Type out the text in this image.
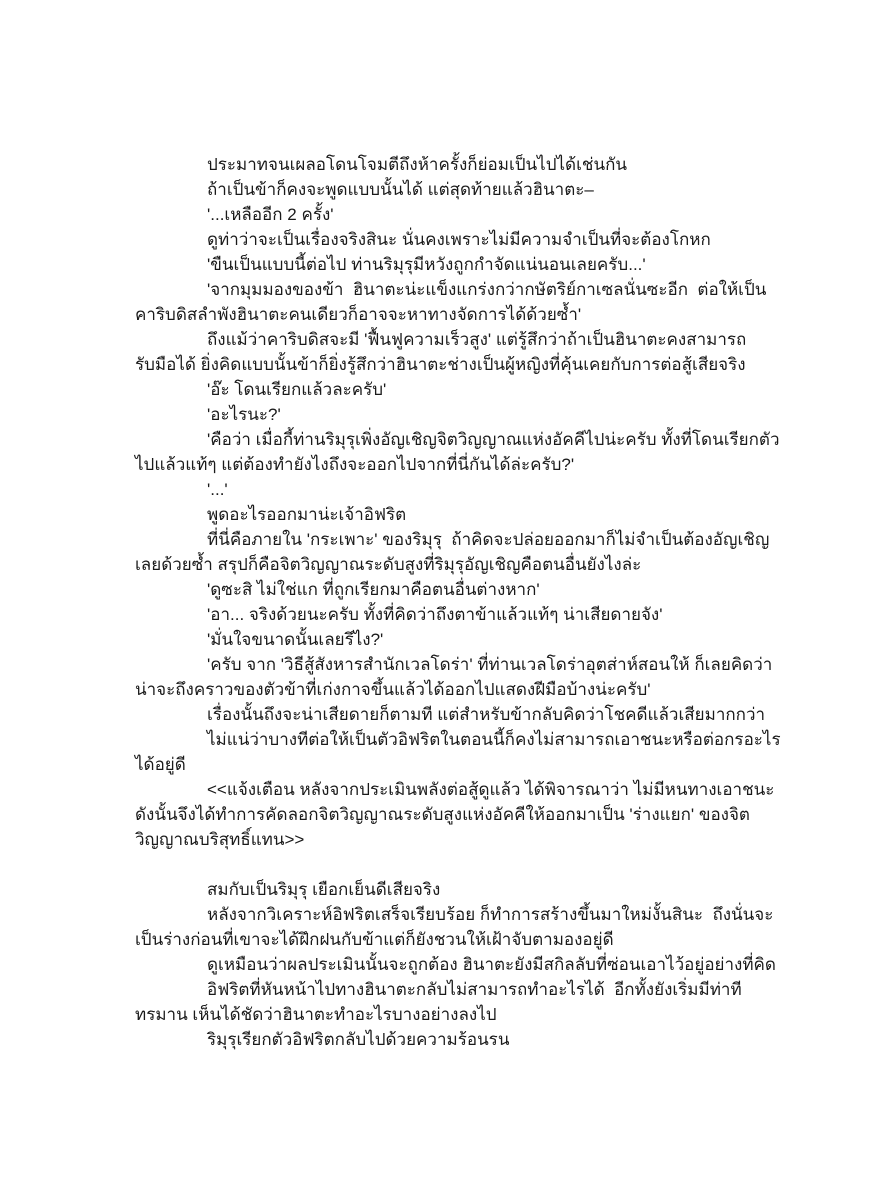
ประมาทจนเผลอโดนโจมตีถึงห้าครั้งก็ย่อมเป็นไปได้เช่นกัน

ถ้าเป็นข้าก็คงจะพูดแบบนั้นได้ แต่สุดท้ายแล้วฮินาตะ–

'...เหลืออีก 2 ครั้ง'

ดูท่าว่าจะเป็นเรื่องจริงสินะ นั่นคงเพราะไม่มีความจำเป็นที่จะต้องโกหก

'ขืนเป็นแบบนี้ต่อไป ท่านริมุรุมีหวังถูกกำจัดแน่นอนเลยครับ...'

'จากมุมมองของข้า  ฮินาตะน่ะแข็งแกร่งกว่ากษัตริย์กาเซลนั่นซะอีก  ต่อให้เป็นคาริบดิสลำพังฮินาตะคนเดียวก็อาจจะหาทางจัดการได้ด้วยซ้ำ'

ถึงแม้ว่าคาริบดิสจะมี 'ฟื้นฟูความเร็วสูง' แต่รู้สึกว่าถ้าเป็นฮินาตะคงสามารถรับมือได้ ยิ่งคิดแบบนั้นข้าก็ยิ่งรู้สึกว่าฮินาตะช่างเป็นผู้หญิงที่คุ้นเคยกับการต่อสู้เสียจริง

'อ๊ะ โดนเรียกแล้วละครับ'

'อะไรนะ?'

'คือว่า เมื่อกี้ท่านริมุรุเพิ่งอัญเชิญจิตวิญญาณแห่งอัคคีไปน่ะครับ ทั้งที่โดนเรียกตัวไปแล้วแท้ๆ แต่ต้องทำยังไงถึงจะออกไปจากที่นี่กันได้ล่ะครับ?'

'...'

พูดอะไรออกมาน่ะเจ้าอิฟริต

ที่นี่คือภายใน 'กระเพาะ' ของริมุรุ  ถ้าคิดจะปล่อยออกมาก็ไม่จำเป็นต้องอัญเชิญเลยด้วยซ้ำ สรุปก็คือจิตวิญญาณระดับสูงที่ริมุรุอัญเชิญคือตนอื่นยังไงล่ะ

'ดูซะสิ ไม่ใช่แก ที่ถูกเรียกมาคือตนอื่นต่างหาก'

'อา... จริงด้วยนะครับ ทั้งที่คิดว่าถึงตาข้าแล้วแท้ๆ น่าเสียดายจัง'

'มั่นใจขนาดนั้นเลยรึไง?'

'ครับ จาก 'วิธีสู้สังหารสำนักเวลโดร่า' ที่ท่านเวลโดร่าอุตส่าห์สอนให้ ก็เลยคิดว่าน่าจะถึงคราวของตัวข้าที่เก่งกาจขึ้นแล้วได้ออกไปแสดงฝีมือบ้างน่ะครับ'

เรื่องนั้นถึงจะน่าเสียดายก็ตามที แต่สำหรับข้ากลับคิดว่าโชคดีแล้วเสียมากกว่า

ไม่แน่ว่าบางทีต่อให้เป็นตัวอิฟริตในตอนนี้ก็คงไม่สามารถเอาชนะหรือต่อกรอะไรได้อยู่ดี

<<แจ้งเตือน หลังจากประเมินพลังต่อสู้ดูแล้ว ได้พิจารณาว่า ไม่มีหนทางเอาชนะ ดังนั้นจึงได้ทำการคัดลอกจิตวิญญาณระดับสูงแห่งอัคคีให้ออกมาเป็น 'ร่างแยก' ของจิตวิญญาณบริสุทธิ์แทน>>

สมกับเป็นริมุรุ เยือกเย็นดีเสียจริง

หลังจากวิเคราะห์อิฟริตเสร็จเรียบร้อย ก็ทำการสร้างขึ้นมาใหม่งั้นสินะ  ถึงนั่นจะเป็นร่างก่อนที่เขาจะได้ฝึกฝนกับข้าแต่ก็ยังชวนให้เฝ้าจับตามองอยู่ดี

ดูเหมือนว่าผลประเมินนั้นจะถูกต้อง ฮินาตะยังมีสกิลลับที่ซ่อนเอาไว้อยู่อย่างที่คิด

อิฟริตที่หันหน้าไปทางฮินาตะกลับไม่สามารถทำอะไรได้  อีกทั้งยังเริ่มมีท่าทีทรมาน เห็นได้ชัดว่าฮินาตะทำอะไรบางอย่างลงไป

ริมุรุเรียกตัวอิฟริตกลับไปด้วยความร้อนรน
